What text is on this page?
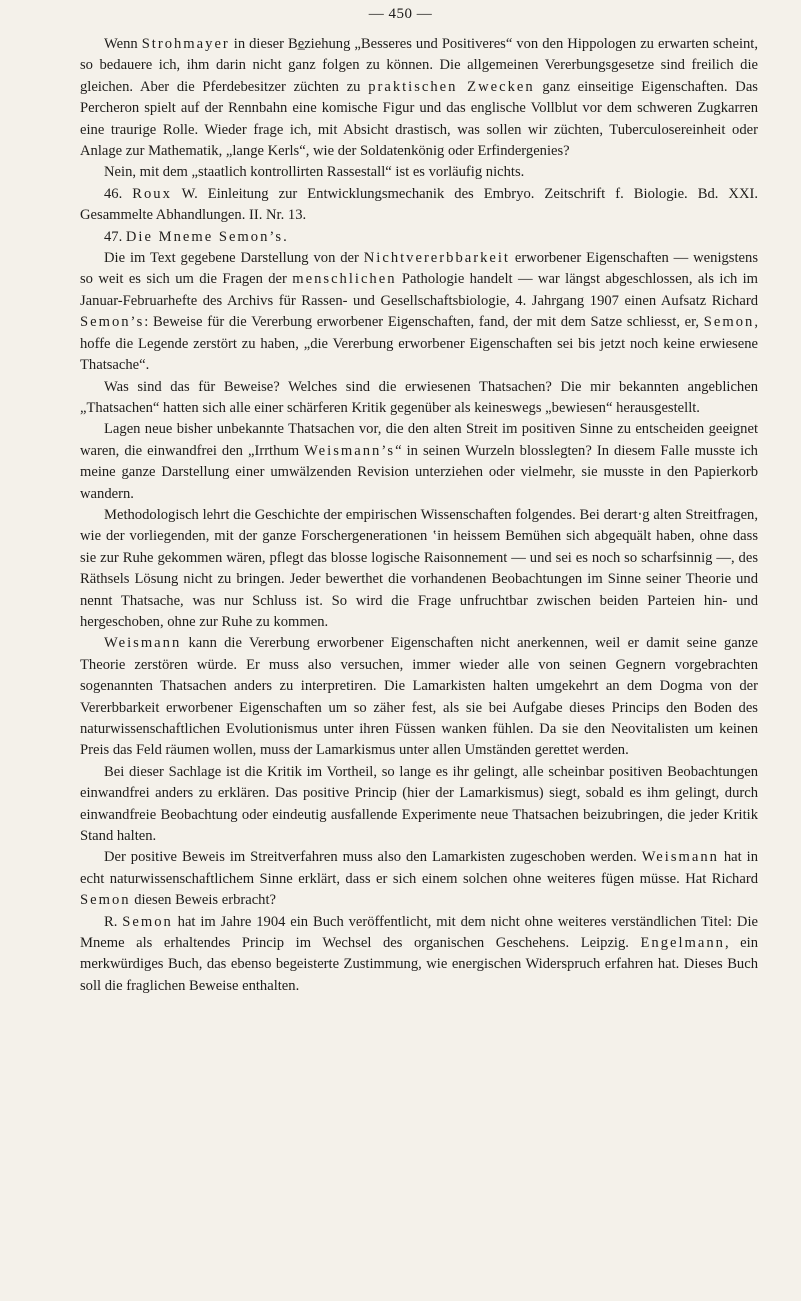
— 450 —

Wenn Strohmayer in dieser Be̲ziehung „Besseres und Positiveres“ von den Hippologen zu erwarten scheint, so bedauere ich, ihm darin nicht ganz folgen zu können. Die allgemeinen Vererbungsgesetze sind freilich die gleichen. Aber die Pferdebesitzer züchten zu praktischen Zwecken ganz einseitige Eigenschaften. Das Percheron spielt auf der Rennbahn eine komische Figur und das englische Vollblut vor dem schweren Zugkarren eine traurige Rolle. Wieder frage ich, mit Absicht drastisch, was sollen wir züchten, Tuberculosereinheit oder Anlage zur Mathematik, „lange Kerls“, wie der Soldatenkönig oder Erfindergenies?

Nein, mit dem „staatlich kontrollirten Rassestall“ ist es vorläufig nichts.

46. Roux W. Einleitung zur Entwicklungsmechanik des Embryo. Zeitschrift f. Biologie. Bd. XXI. Gesammelte Abhandlungen. II. Nr. 13.

47. Die Mneme Semon’s.

Die im Text gegebene Darstellung von der Nichtvererbbarkeit erworbener Eigenschaften — wenigstens so weit es sich um die Fragen der menschlichen Pathologie handelt — war längst abgeschlossen, als ich im Januar-Februarhefte des Archivs für Rassen- und Gesellschaftsbiologie, 4. Jahrgang 1907 einen Aufsatz Richard Semon’s: Beweise für die Vererbung erworbener Eigenschaften, fand, der mit dem Satze schliesst, er, Semon, hoffe die Legende zerstört zu haben, „die Vererbung erworbener Eigenschaften sei bis jetzt noch keine erwiesene Thatsache“.

Was sind das für Beweise? Welches sind die erwiesenen Thatsachen? Die mir bekannten angeblichen „Thatsachen“ hatten sich alle einer schärferen Kritik gegenüber als keineswegs „bewiesen“ herausgestellt.

Lagen neue bisher unbekannte Thatsachen vor, die den alten Streit im positiven Sinne zu entscheiden geeignet waren, die einwandfrei den „Irrthum Weismann’s“ in seinen Wurzeln blosslegten? In diesem Falle musste ich meine ganze Darstellung einer umwälzenden Revision unterziehen oder vielmehr, sie musste in den Papierkorb wandern.

Methodologisch lehrt die Geschichte der empirischen Wissenschaften folgendes. Bei derart‧g alten Streitfragen, wie der vorliegenden, mit der ganze Forschergenerationen ‛in heissem Bemühen sich abgequält haben, ohne dass sie zur Ruhe gekommen wären, pflegt das blosse logische Raisonnement — und sei es noch so scharfsinnig —, des Räthsels Lösung nicht zu bringen. Jeder bewerthet die vorhandenen Beobachtungen im Sinne seiner Theorie und nennt Thatsache, was nur Schluss ist. So wird die Frage unfruchtbar zwischen beiden Parteien hin- und hergeschoben, ohne zur Ruhe zu kommen.

Weismann kann die Vererbung erworbener Eigenschaften nicht anerkennen, weil er damit seine ganze Theorie zerstören würde. Er muss also versuchen, immer wieder alle von seinen Gegnern vorgebrachten sogenannten Thatsachen anders zu interpretiren. Die Lamarkisten halten umgekehrt an dem Dogma von der Vererbbarkeit erworbener Eigenschaften um so zäher fest, als sie bei Aufgabe dieses Princips den Boden des naturwissenschaftlichen Evolutionismus unter ihren Füssen wanken fühlen. Da sie den Neovitalisten um keinen Preis das Feld räumen wollen, muss der Lamarkismus unter allen Umständen gerettet werden.

Bei dieser Sachlage ist die Kritik im Vortheil, so lange es ihr gelingt, alle scheinbar positiven Beobachtungen einwandfrei anders zu erklären. Das positive Princip (hier der Lamarkismus) siegt, sobald es ihm gelingt, durch einwandfreie Beobachtung oder eindeutig ausfallende Experimente neue Thatsachen beizubringen, die jeder Kritik Stand halten.

Der positive Beweis im Streitverfahren muss also den Lamarkisten zugeschoben werden. Weismann hat in echt naturwissenschaftlichem Sinne erklärt, dass er sich einem solchen ohne weiteres fügen müsse. Hat Richard Semon diesen Beweis erbracht?

R. Semon hat im Jahre 1904 ein Buch veröffentlicht, mit dem nicht ohne weiteres verständlichen Titel: Die Mneme als erhaltendes Princip im Wechsel des organischen Geschehens. Leipzig. Engelmann, ein merkwürdiges Buch, das ebenso begeisterte Zustimmung, wie energischen Widerspruch erfahren hat. Dieses Buch soll die fraglichen Beweise enthalten.
